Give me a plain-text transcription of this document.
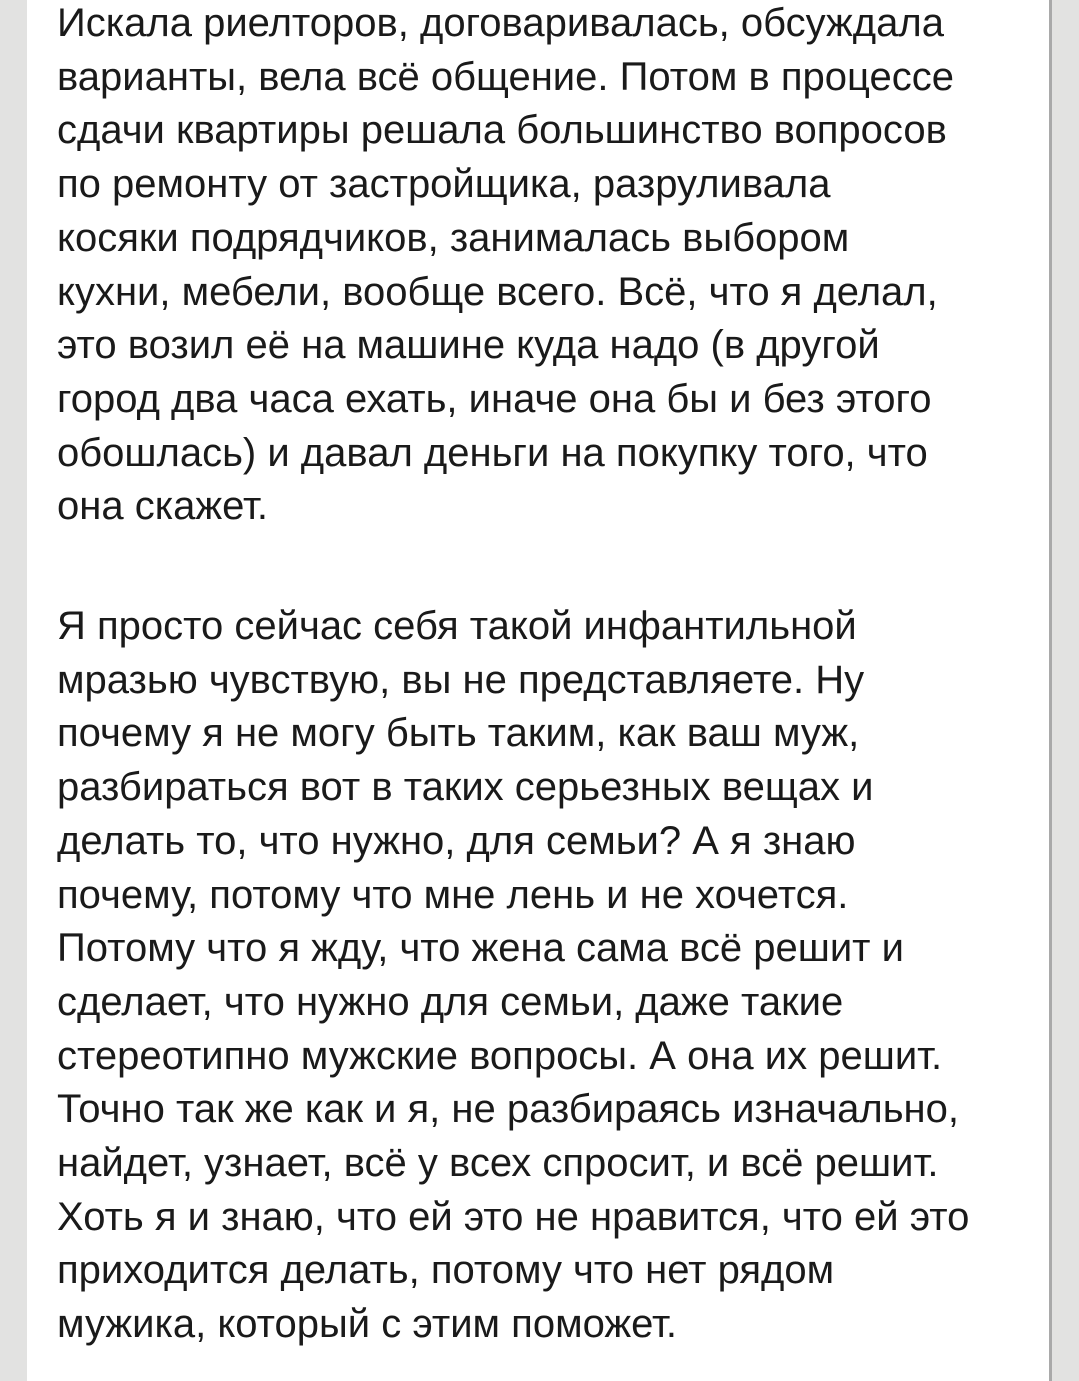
Искала риелторов, договаривалась, обсуждала
варианты, вела всё общение. Потом в процессе
сдачи квартиры решала большинство вопросов
по ремонту от застройщика, разруливала
косяки подрядчиков, занималась выбором
кухни, мебели, вообще всего. Всё, что я делал,
это возил её на машине куда надо (в другой
город два часа ехать, иначе она бы и без этого
обошлась) и давал деньги на покупку того, что
она скажет.

Я просто сейчас себя такой инфантильной
мразью чувствую, вы не представляете. Ну
почему я не могу быть таким, как ваш муж,
разбираться вот в таких серьезных вещах и
делать то, что нужно, для семьи? А я знаю
почему, потому что мне лень и не хочется.
Потому что я жду, что жена сама всё решит и
сделает, что нужно для семьи, даже такие
стереотипно мужские вопросы. А она их решит.
Точно так же как и я, не разбираясь изначально,
найдет, узнает, всё у всех спросит, и всё решит.
Хоть я и знаю, что ей это не нравится, что ей это
приходится делать, потому что нет рядом
мужика, который с этим поможет.
